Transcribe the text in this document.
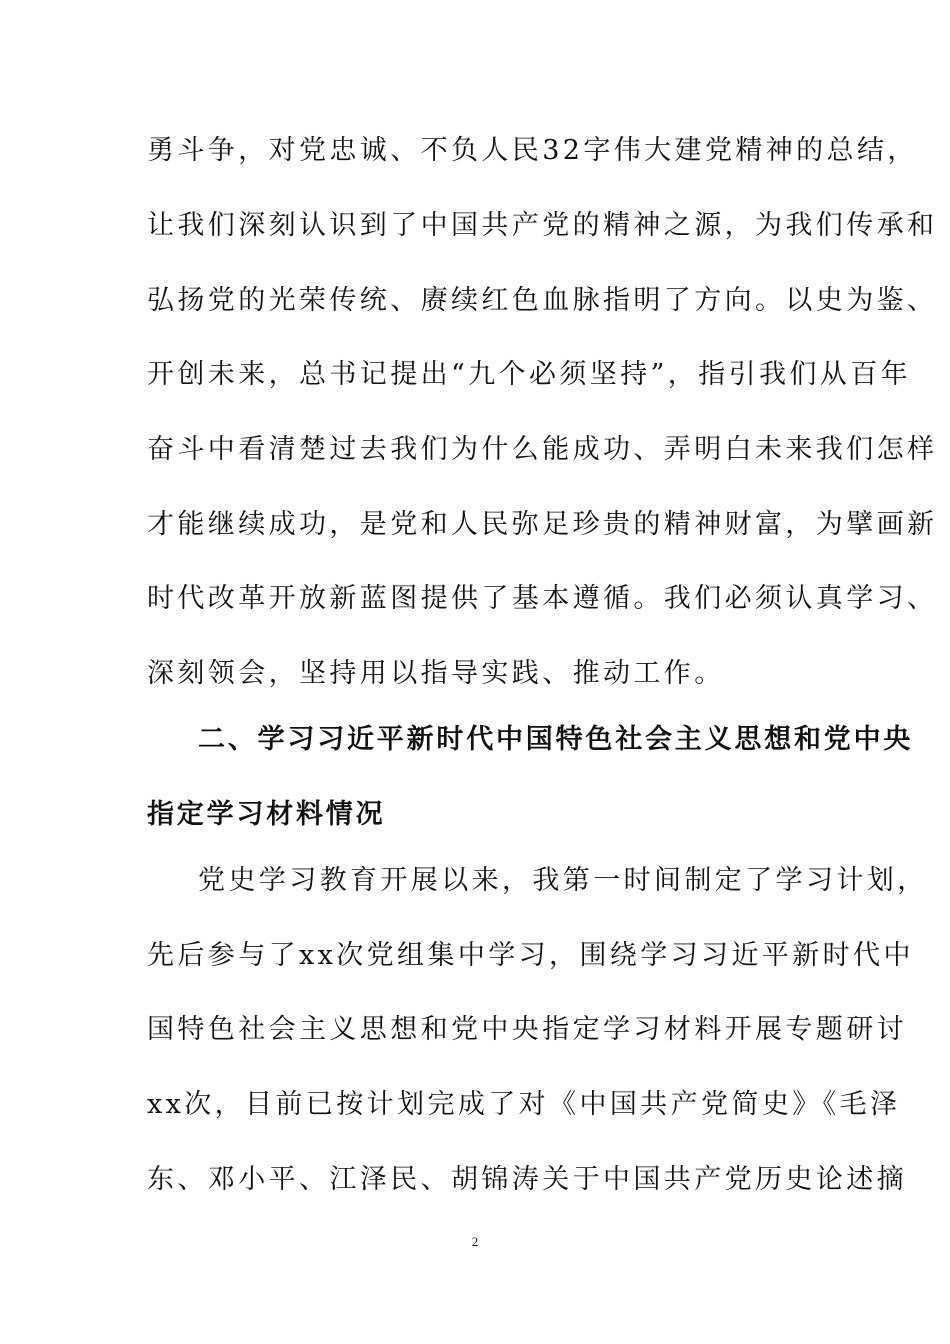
勇斗争，对党忠诚、不负人民32字伟大建党精神的总结，
让我们深刻认识到了中国共产党的精神之源，为我们传承和
弘扬党的光荣传统、赓续红色血脉指明了方向。以史为鉴、
开创未来，总书记提出“九个必须坚持”，指引我们从百年
奋斗中看清楚过去我们为什么能成功、弄明白未来我们怎样
才能继续成功，是党和人民弥足珍贵的精神财富，为擘画新
时代改革开放新蓝图提供了基本遵循。我们必须认真学习、
深刻领会，坚持用以指导实践、推动工作。
二、学习习近平新时代中国特色社会主义思想和党中央
指定学习材料情况
党史学习教育开展以来，我第一时间制定了学习计划，
先后参与了xx次党组集中学习，围绕学习习近平新时代中
国特色社会主义思想和党中央指定学习材料开展专题研讨
xx次，目前已按计划完成了对《中国共产党简史》《毛泽
东、邓小平、江泽民、胡锦涛关于中国共产党历史论述摘
2
